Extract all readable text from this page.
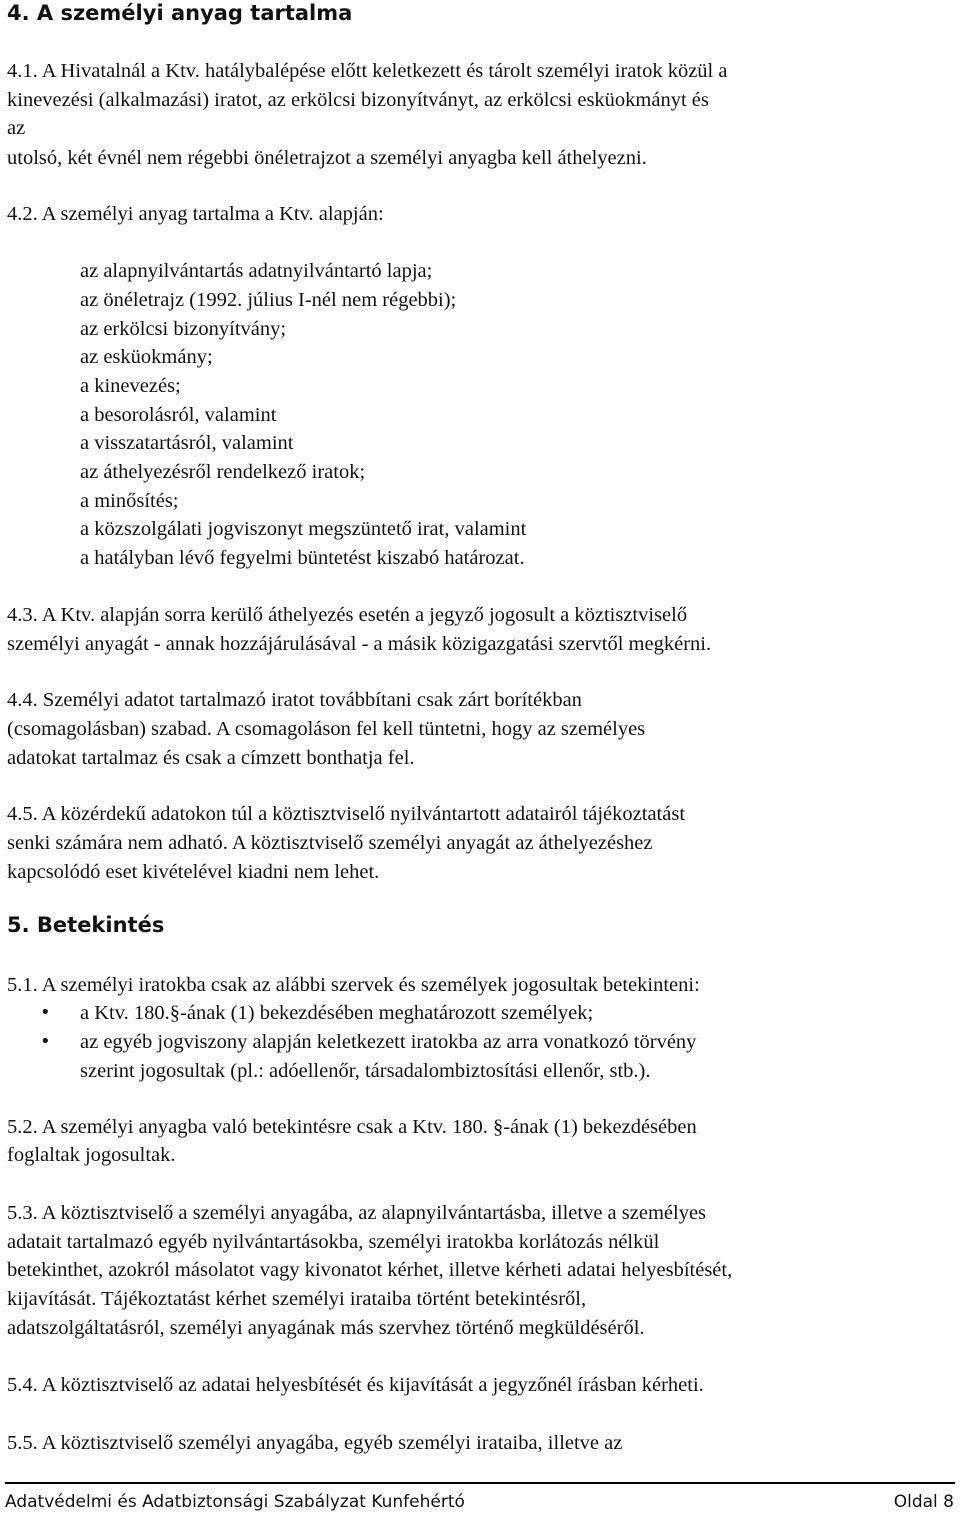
4. A személyi anyag tartalma
4.1. A Hivatalnál a Ktv. hatálybalépése előtt keletkezett és tárolt személyi iratok közül a
kinevezési (alkalmazási) iratot, az erkölcsi bizonyítványt, az erkölcsi esküokmányt és
az
utolsó, két évnél nem régebbi önéletrajzot a személyi anyagba kell áthelyezni.
4.2. A személyi anyag tartalma a Ktv. alapján:
az alapnyilvántartás adatnyilvántartó lapja;
az önéletrajz (1992. július I-nél nem régebbi);
az erkölcsi bizonyítvány;
az esküokmány;
a kinevezés;
a besorolásról, valamint
a visszatartásról, valamint
az áthelyezésről rendelkező iratok;
a minősítés;
a közszolgálati jogviszonyt megszüntető irat, valamint
a hatályban lévő fegyelmi büntetést kiszabó határozat.
4.3. A Ktv. alapján sorra kerülő áthelyezés esetén a jegyző jogosult a köztisztviselő
személyi anyagát - annak hozzájárulásával - a másik közigazgatási szervtől megkérni.
4.4. Személyi adatot tartalmazó iratot továbbítani csak zárt borítékban
(csomagolásban) szabad. A csomagoláson fel kell tüntetni, hogy az személyes
adatokat tartalmaz és csak a címzett bonthatja fel.
4.5. A közérdekű adatokon túl a köztisztviselő nyilvántartott adatairól tájékoztatást
senki számára nem adható. A köztisztviselő személyi anyagát az áthelyezéshez
kapcsolódó eset kivételével kiadni nem lehet.
5. Betekintés
5.1. A személyi iratokba csak az alábbi szervek és személyek jogosultak betekinteni:
• a Ktv. 180.§-ának (1) bekezdésében meghatározott személyek;
• az egyéb jogviszony alapján keletkezett iratokba az arra vonatkozó törvény
szerint jogosultak (pl.: adóellenőr, társadalombiztosítási ellenőr, stb.).
5.2. A személyi anyagba való betekintésre csak a Ktv. 180. §-ának (1) bekezdésében
foglaltak jogosultak.
5.3. A köztisztviselő a személyi anyagába, az alapnyilvántartásba, illetve a személyes
adatait tartalmazó egyéb nyilvántartásokba, személyi iratokba korlátozás nélkül
betekinthet, azokról másolatot vagy kivonatot kérhet, illetve kérheti adatai helyesbítését,
kijavítását. Tájékoztatást kérhet személyi irataiba történt betekintésről,
adatszolgáltatásról, személyi anyagának más szervhez történő megküldéséről.
5.4. A köztisztviselő az adatai helyesbítését és kijavítását a jegyzőnél írásban kérheti.
5.5. A köztisztviselő személyi anyagába, egyéb személyi irataiba, illetve az
Adatvédelmi és Adatbiztonsági Szabályzat Kunfehértó	Oldal 8
